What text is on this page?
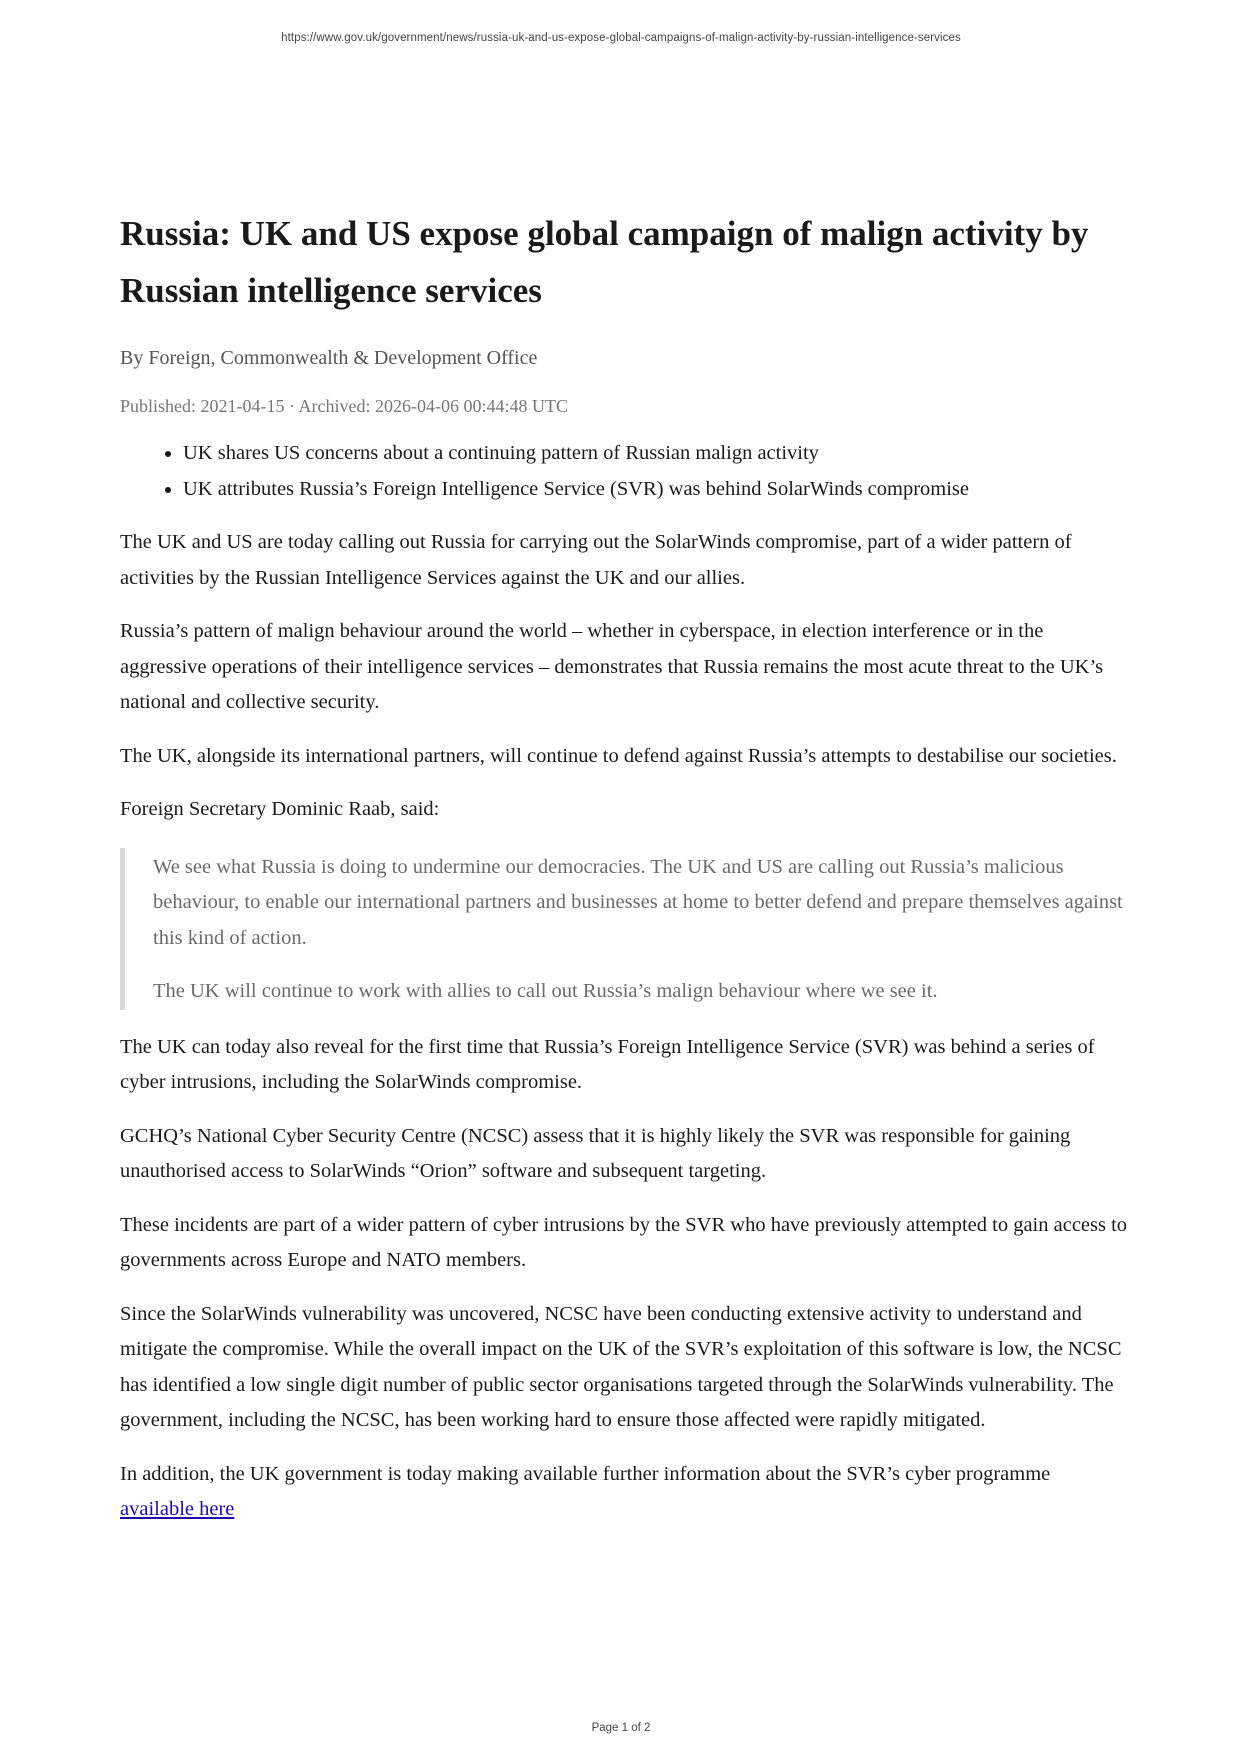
https://www.gov.uk/government/news/russia-uk-and-us-expose-global-campaigns-of-malign-activity-by-russian-intelligence-services
Russia: UK and US expose global campaign of malign activity by Russian intelligence services
By Foreign, Commonwealth & Development Office
Published: 2021-04-15 · Archived: 2026-04-06 00:44:48 UTC
• UK shares US concerns about a continuing pattern of Russian malign activity
• UK attributes Russia’s Foreign Intelligence Service (SVR) was behind SolarWinds compromise

The UK and US are today calling out Russia for carrying out the SolarWinds compromise, part of a wider pattern of activities by the Russian Intelligence Services against the UK and our allies.

Russia’s pattern of malign behaviour around the world – whether in cyberspace, in election interference or in the aggressive operations of their intelligence services – demonstrates that Russia remains the most acute threat to the UK’s national and collective security.

The UK, alongside its international partners, will continue to defend against Russia’s attempts to destabilise our societies.

Foreign Secretary Dominic Raab, said:

We see what Russia is doing to undermine our democracies. The UK and US are calling out Russia’s malicious behaviour, to enable our international partners and businesses at home to better defend and prepare themselves against this kind of action.

The UK will continue to work with allies to call out Russia’s malign behaviour where we see it.

The UK can today also reveal for the first time that Russia’s Foreign Intelligence Service (SVR) was behind a series of cyber intrusions, including the SolarWinds compromise.

GCHQ’s National Cyber Security Centre (NCSC) assess that it is highly likely the SVR was responsible for gaining unauthorised access to SolarWinds “Orion” software and subsequent targeting.

These incidents are part of a wider pattern of cyber intrusions by the SVR who have previously attempted to gain access to governments across Europe and NATO members.

Since the SolarWinds vulnerability was uncovered, NCSC have been conducting extensive activity to understand and mitigate the compromise. While the overall impact on the UK of the SVR’s exploitation of this software is low, the NCSC has identified a low single digit number of public sector organisations targeted through the SolarWinds vulnerability. The government, including the NCSC, has been working hard to ensure those affected were rapidly mitigated.

In addition, the UK government is today making available further information about the SVR’s cyber programme
available here

Page 1 of 2
